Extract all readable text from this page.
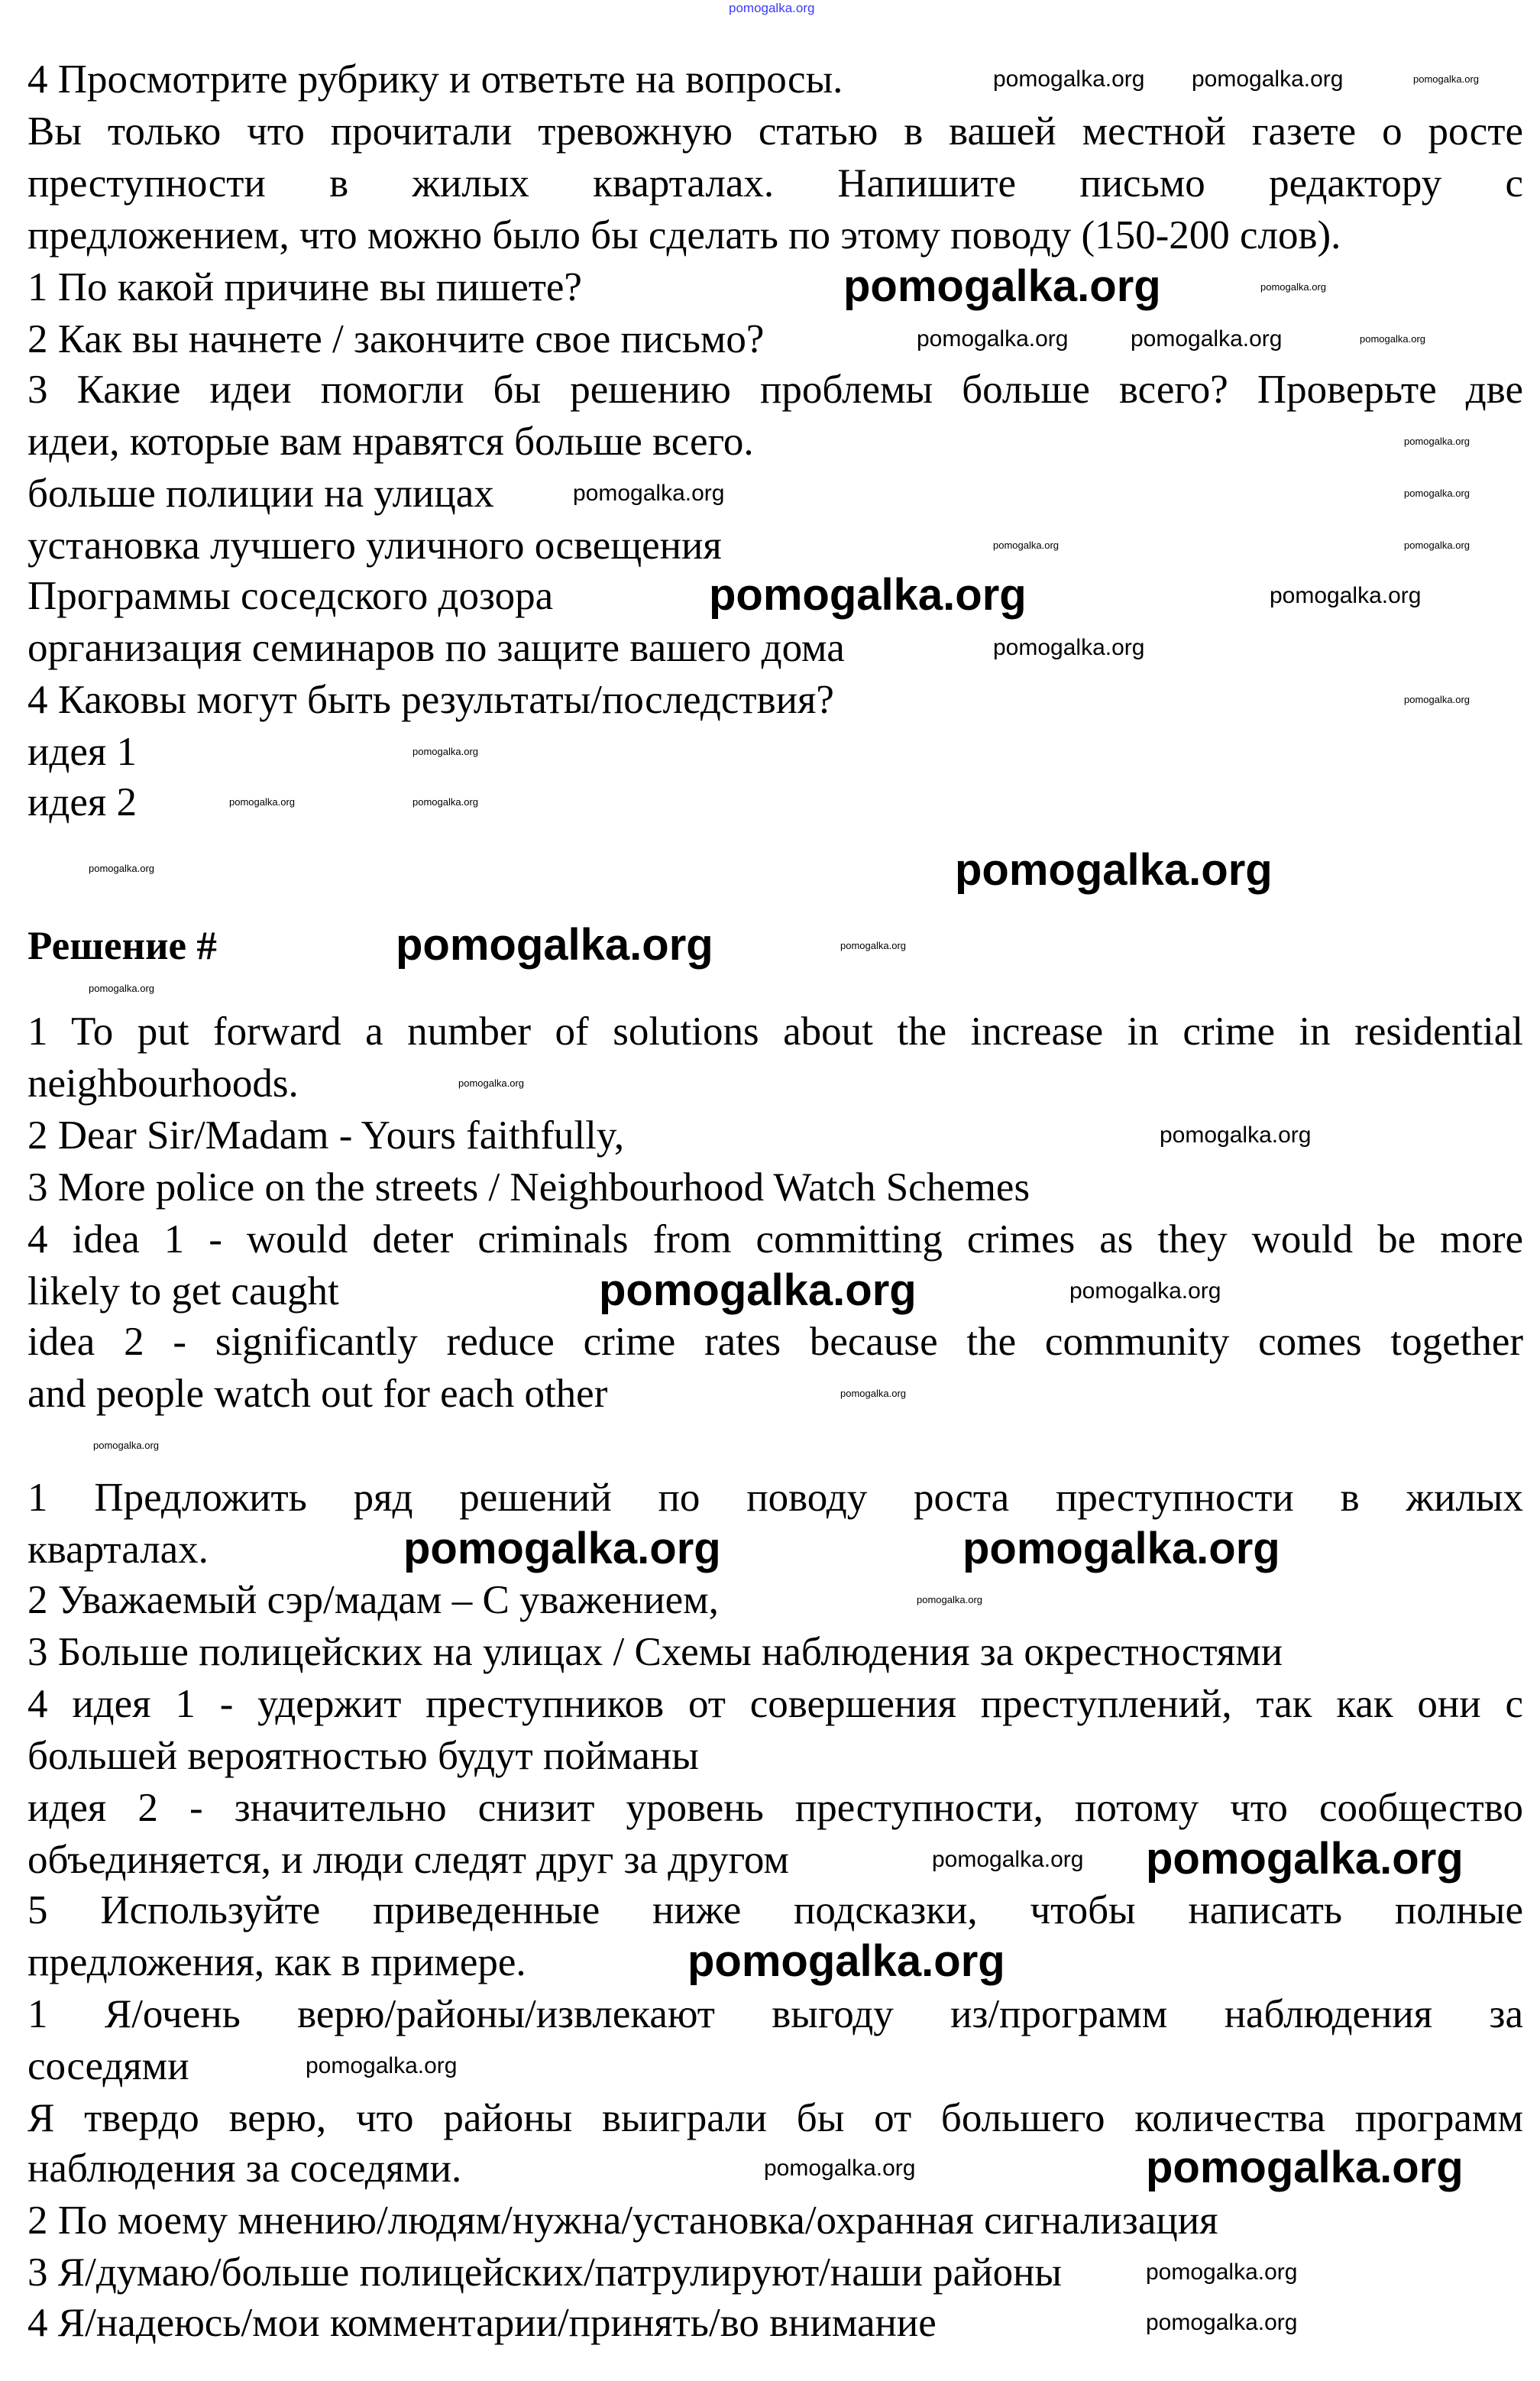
4 Просмотрите рубрику и ответьте на вопросы.
Вы только что прочитали тревожную статью в вашей местной газете о росте
преступности в жилых кварталах. Напишите письмо редактору с
предложением, что можно было бы сделать по этому поводу (150-200 слов).
1 По какой причине вы пишете?
2 Как вы начнете / закончите свое письмо?
3 Какие идеи помогли бы решению проблемы больше всего? Проверьте две
идеи, которые вам нравятся больше всего.
больше полиции на улицах
установка лучшего уличного освещения
Программы соседского дозора
организация семинаров по защите вашего дома
4 Каковы могут быть результаты/последствия?
идея 1
идея 2
Решение #
1 To put forward a number of solutions about the increase in crime in residential
neighbourhoods.
2 Dear Sir/Madam - Yours faithfully,
3 More police on the streets / Neighbourhood Watch Schemes
4 idea 1 - would deter criminals from committing crimes as they would be more
likely to get caught
idea 2 - significantly reduce crime rates because the community comes together
and people watch out for each other
1 Предложить ряд решений по поводу роста преступности в жилых
кварталах.
2 Уважаемый сэр/мадам – С уважением,
3 Больше полицейских на улицах / Схемы наблюдения за окрестностями
4 идея 1 - удержит преступников от совершения преступлений, так как они с
большей вероятностью будут пойманы
идея 2 - значительно снизит уровень преступности, потому что сообщество
объединяется, и люди следят друг за другом
5 Используйте приведенные ниже подсказки, чтобы написать полные
предложения, как в примере.
1 Я/очень верю/районы/извлекают выгоду из/программ наблюдения за
соседями
Я твердо верю, что районы выиграли бы от большего количества программ
наблюдения за соседями.
2 По моему мнению/людям/нужна/установка/охранная сигнализация
3 Я/думаю/больше полицейских/патрулируют/наши районы
4 Я/надеюсь/мои комментарии/принять/во внимание
pomogalka.org
pomogalka.org
pomogalka.org
pomogalka.org
pomogalka.org
pomogalka.org
pomogalka.org	pomogalka.org
pomogalka.org
pomogalka.org
pomogalka.org
pomogalka.org pomogalka.org
pomogalka.org	pomogalka.org
pomogalka.org
pomogalka.org
pomogalka.org
pomogalka.org
pomogalka.org
pomogalka.org
pomogalka.org
pomogalka.org
pomogalka.org
pomogalka.org
pomogalka.org
pomogalka.org
pomogalka.org
pomogalka.org
pomogalka.org
pomogalka.org
pomogalka.org
pomogalka.org
pomogalka.org
pomogalka.org
pomogalka.org
pomogalka.org
pomogalka.org
pomogalka.org
pomogalka.org
pomogalka.org
pomogalka.org
pomogalka.org
